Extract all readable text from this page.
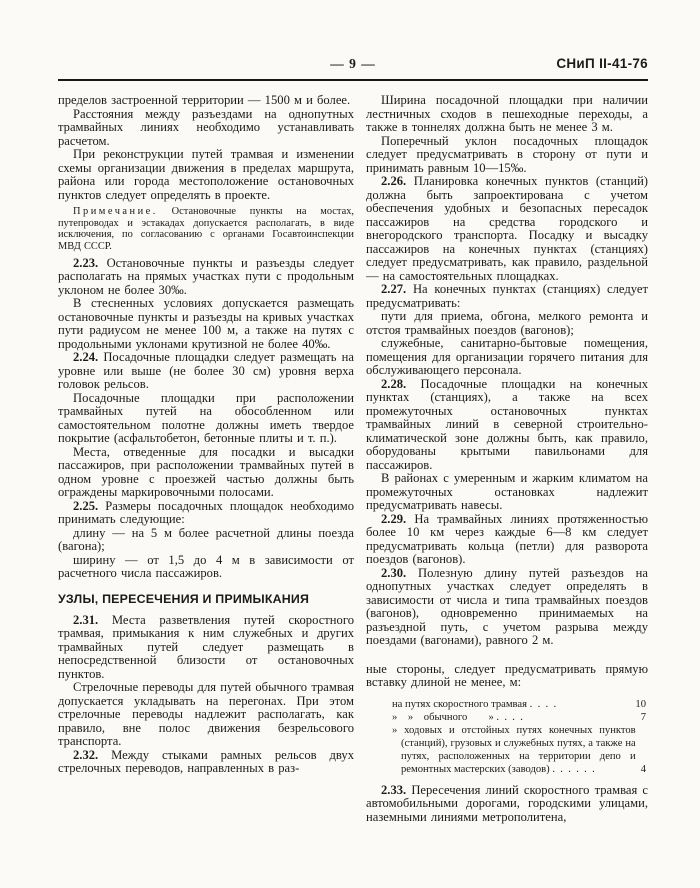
— 9 —	СНиП II-41-76

пределов застроенной территории — 1500 м и более.

Расстояния между разъездами на однопутных трамвайных линиях необходимо устанавливать расчетом.

При реконструкции путей трамвая и изменении схемы организации движения в пределах маршрута, района или города местоположение остановочных пунктов следует определять в проекте.

Примечание. Остановочные пункты на мостах, путепроводах и эстакадах допускается располагать, в виде исключения, по согласованию с органами Госавтоинспекции МВД СССР.

2.23. Остановочные пункты и разъезды следует располагать на прямых участках пути с продольным уклоном не более 30‰.

В стесненных условиях допускается размещать остановочные пункты и разъезды на кривых участках пути радиусом не менее 100 м, а также на путях с продольными уклонами крутизной не более 40‰.

2.24. Посадочные площадки следует размещать на уровне или выше (не более 30 см) уровня верха головок рельсов.

Посадочные площадки при расположении трамвайных путей на обособленном или самостоятельном полотне должны иметь твердое покрытие (асфальтобетон, бетонные плиты и т. п.).

Места, отведенные для посадки и высадки пассажиров, при расположении трамвайных путей в одном уровне с проезжей частью должны быть ограждены маркировочными полосами.

2.25. Размеры посадочных площадок необходимо принимать следующие:

длину — на 5 м более расчетной длины поезда (вагона);

ширину — от 1,5 до 4 м в зависимости от расчетного числа пассажиров.

УЗЛЫ, ПЕРЕСЕЧЕНИЯ И ПРИМЫКАНИЯ

2.31. Места разветвления путей скоростного трамвая, примыкания к ним служебных и других трамвайных путей следует размещать в непосредственной близости от остановочных пунктов.

Стрелочные переводы для путей обычного трамвая допускается укладывать на перегонах. При этом стрелочные переводы надлежит располагать, как правило, вне полос движения безрельсового транспорта.

2.32. Между стыками рамных рельсов двух стрелочных переводов, направленных в раз-

Ширина посадочной площадки при наличии лестничных сходов в пешеходные переходы, а также в тоннелях должна быть не менее 3 м.

Поперечный уклон посадочных площадок следует предусматривать в сторону от пути и принимать равным 10—15‰.

2.26. Планировка конечных пунктов (станций) должна быть запроектирована с учетом обеспечения удобных и безопасных пересадок пассажиров на средства городского и внегородского транспорта. Посадку и высадку пассажиров на конечных пунктах (станциях) следует предусматривать, как правило, раздельной — на самостоятельных площадках.

2.27. На конечных пунктах (станциях) следует предусматривать:

пути для приема, обгона, мелкого ремонта и отстоя трамвайных поездов (вагонов);

служебные, санитарно-бытовые помещения, помещения для организации горячего питания для обслуживающего персонала.

2.28. Посадочные площадки на конечных пунктах (станциях), а также на всех промежуточных остановочных пунктах трамвайных линий в северной строительно-климатической зоне должны быть, как правило, оборудованы крытыми павильонами для пассажиров.

В районах с умеренным и жарким климатом на промежуточных остановках надлежит предусматривать навесы.

2.29. На трамвайных линиях протяженностью более 10 км через каждые 6—8 км следует предусматривать кольца (петли) для разворота поездов (вагонов).

2.30. Полезную длину путей разъездов на однопутных участках следует определять в зависимости от числа и типа трамвайных поездов (вагонов), одновременно принимаемых на разъездной путь, с учетом разрыва между поездами (вагонами), равного 2 м.

ные стороны, следует предусматривать прямую вставку длиной не менее, м:

на путях скоростного трамвая . . . .	10
» » обычного  » . . . .	7
» ходовых и отстойных путях конечных пунктов (станций), грузовых и служебных путях, а также на путях, расположенных на территории депо и ремонтных мастерских (заводов) . . . . . .	4

2.33. Пересечения линий скоростного трамвая с автомобильными дорогами, городскими улицами, наземными линиями метрополитена,
